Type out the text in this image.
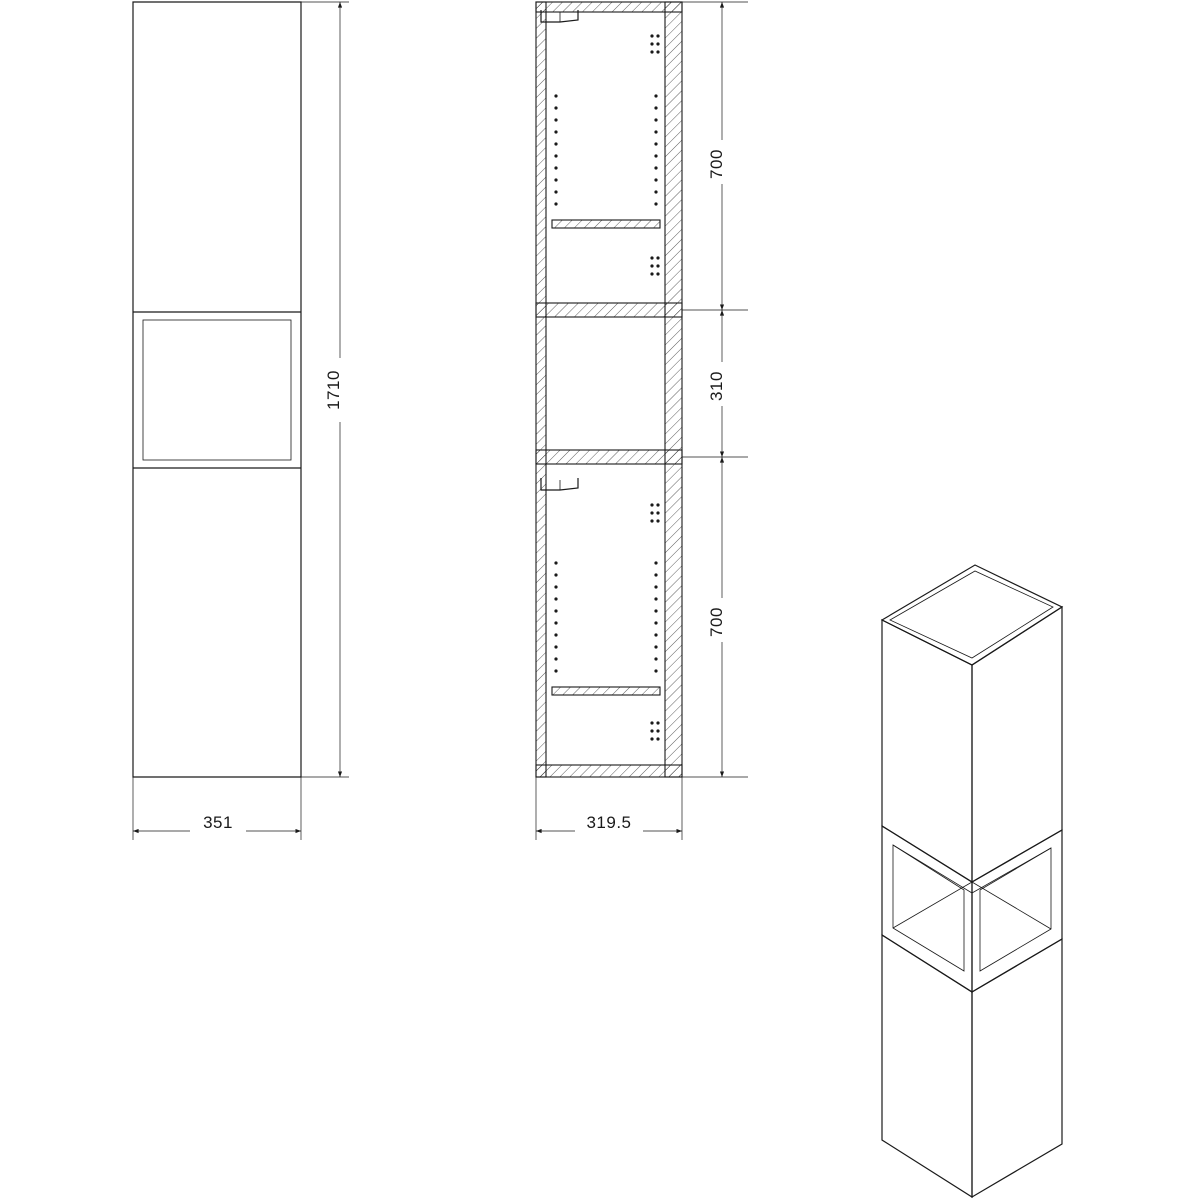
1710
351
700
310
700
319.5
